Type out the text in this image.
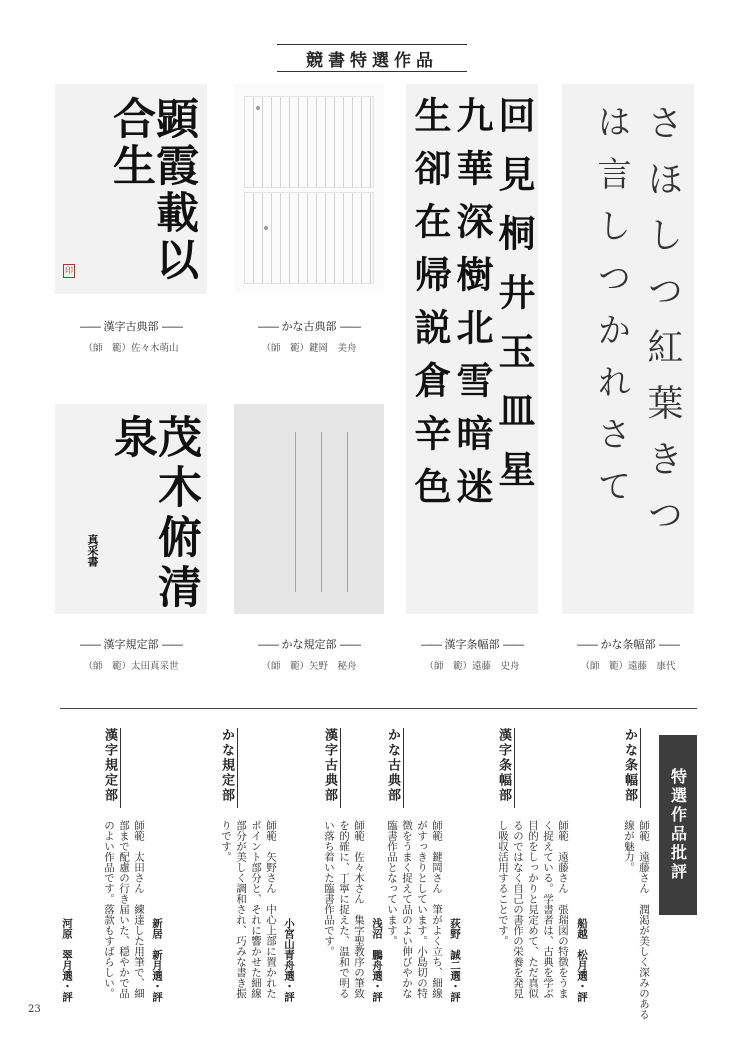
競書特選作品
顕霞載以合生
印
―― 漢字古典部 ――
（師　範）佐々木萌山
―― かな古典部 ――
（師　範）鍵岡　美舟	回見桐井玉皿星
九華深樹北雪暗迷
生卻在帰説倉辛色
―― 漢字条幅部 ――
（師　範）遠藤　史舟
さほしつ紅葉きつ
は言しつかれさて
―― かな条幅部 ――
（師　範）遠藤　康代
茂木俯清泉
真采書
―― 漢字規定部 ――
（師　範）太田真采世
―― かな規定部 ――
（師　範）矢野　秘舟
特選作品批評
かな条幅部 師範　遠藤さん　潤渇が美しく深みのある線が魅力。
船越　松月選・評
漢字条幅部 師範　遠藤さん　張瑞図の特徴をうまく捉えている。学書者は、古典を学ぶ目的をしっかりと見定めて、ただ真似るのではなく自己の書作の栄養を発見し吸収活用することです。
荻野　誠二選・評
かな古典部 師範　鍵岡さん　筆がよく立ち、細線がすっきりとしています。小島切の特徴をうまく捉えて品のよい伸びやかな臨書作品となっています。
浅沼　鵬舟選・評
漢字古典部 師範　佐々木さん　集字聖教序の筆致を的確に、丁寧に捉えた、温和で明るい落ち着いた臨書作品です。
小宮山青舟選・評
かな規定部 師範　矢野さん　中心上部に置かれたポイント部分と、それに響かせた細線部分が美しく調和され、巧みな書き振りです。
新居　新月選・評
漢字規定部 師範　太田さん　練達した用筆で、細部まで配慮の行き届いた、穏やかで品のよい作品です。落款もすばらしい。
河原　翠月選・評
23
